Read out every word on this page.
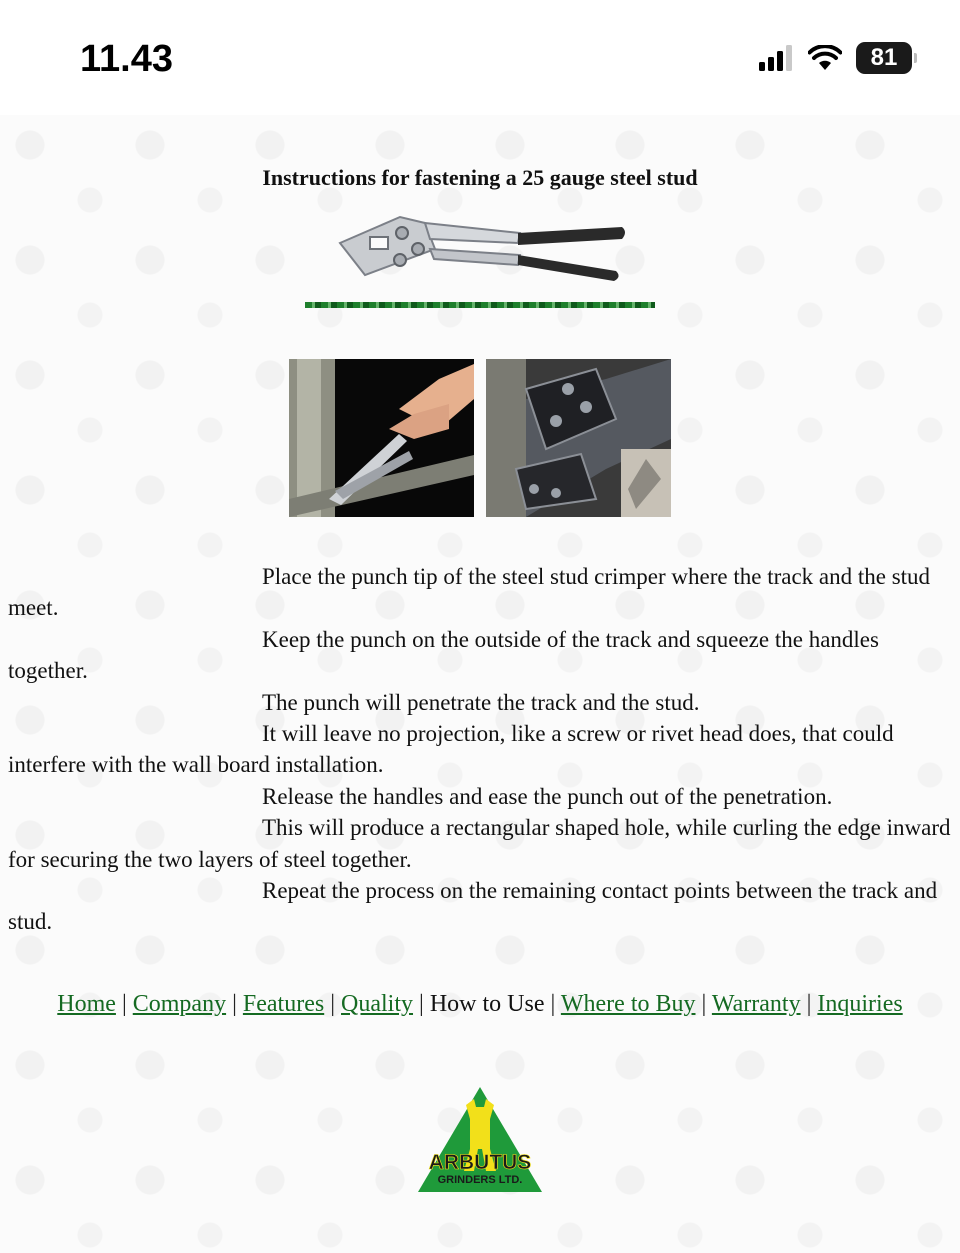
11.43	81
Instructions for fastening a 25 gauge steel stud

Place the punch tip of the steel stud crimper where the track and the stud meet.

Keep the punch on the outside of the track and squeeze the handles together.

The punch will penetrate the track and the stud.

It will leave no projection, like a screw or rivet head does, that could interfere with the wall board installation.

Release the handles and ease the punch out of the penetration.

This will produce a rectangular shaped hole, while curling the edge inward for securing the two layers of steel together.

Repeat the process on the remaining contact points between the track and stud.

Home | Company | Features | Quality | How to Use | Where to Buy | Warranty | Inquiries
ARBUTUS
GRINDERS LTD.
